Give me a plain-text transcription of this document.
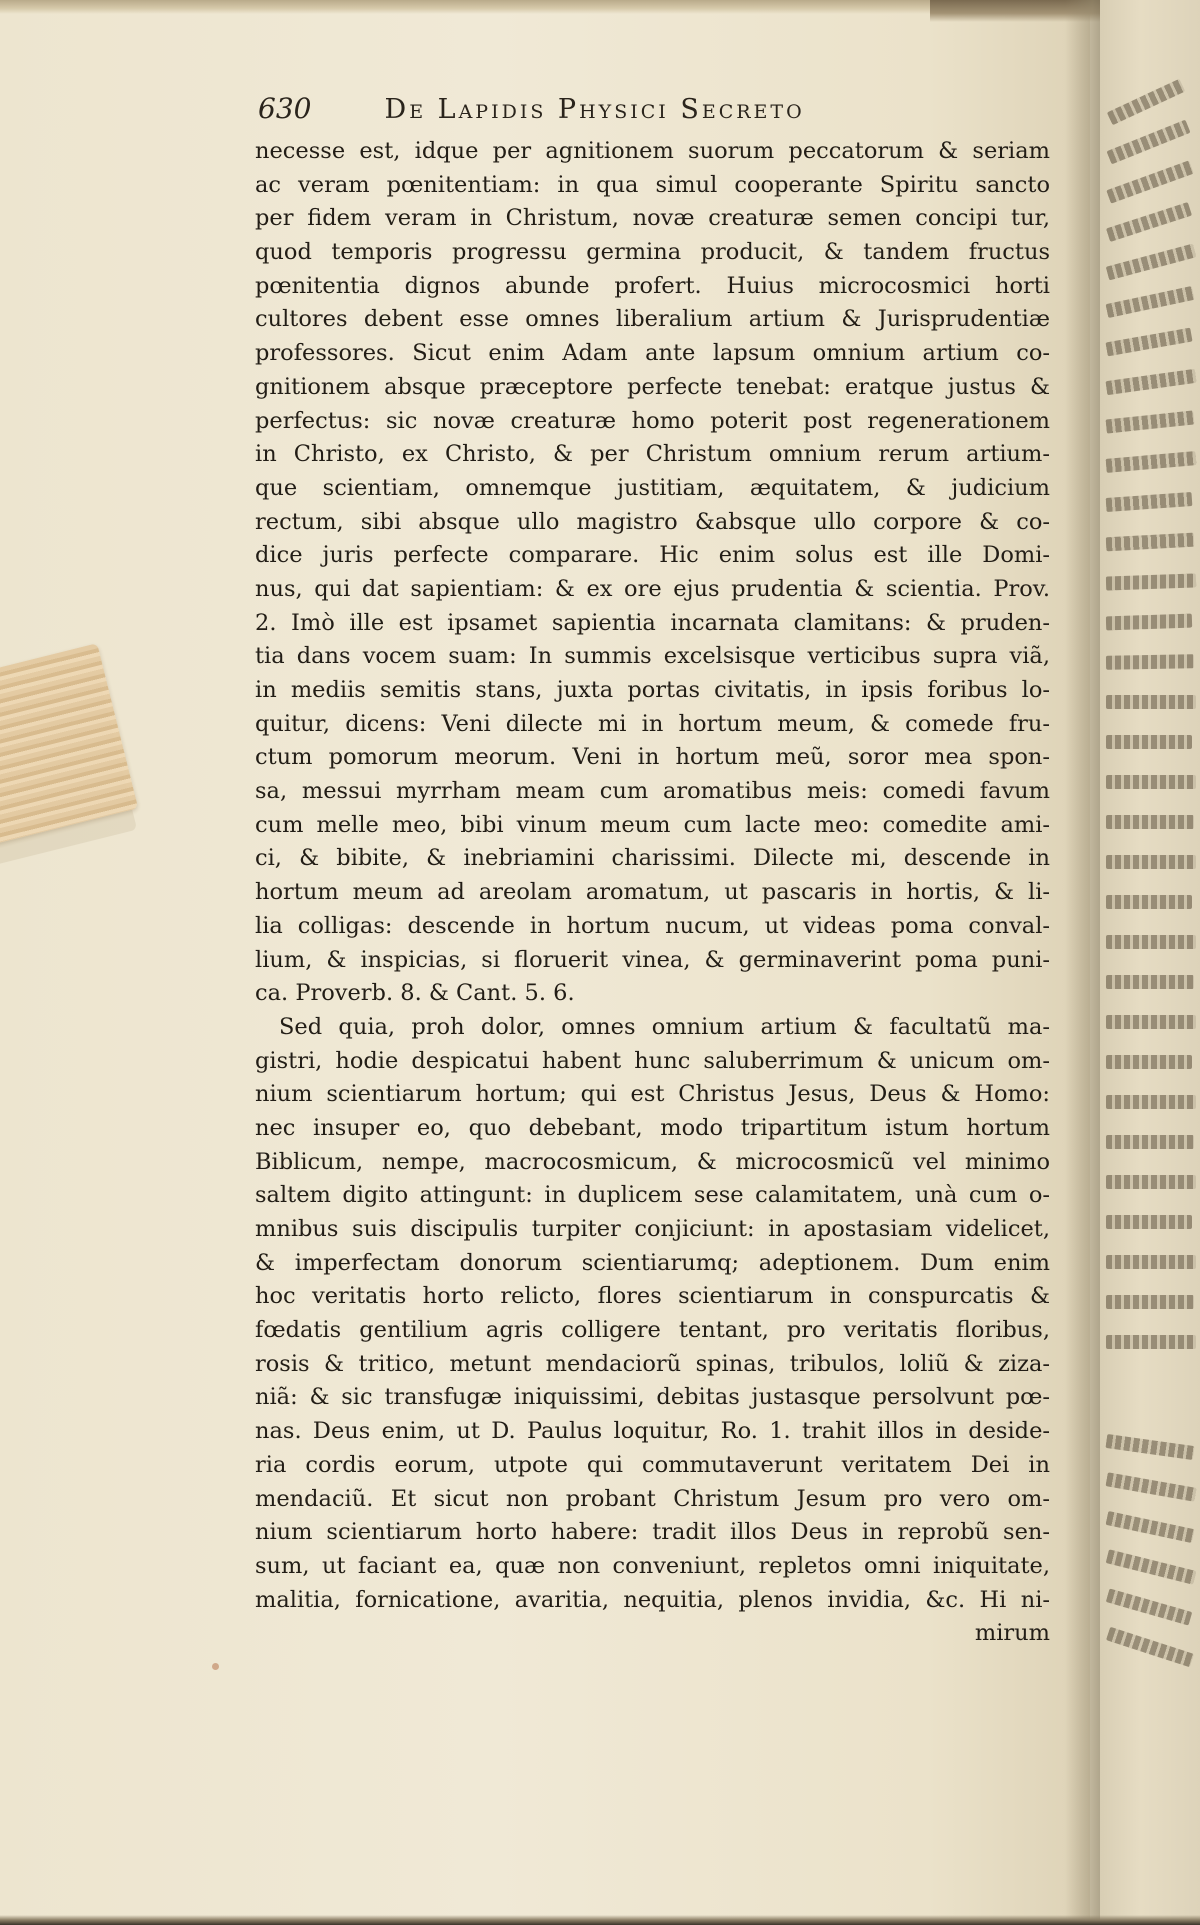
630	De Lapidis Physici Secreto
necesse est, idque per agnitionem suorum peccatorum & seriam
ac veram pœnitentiam: in qua simul cooperante Spiritu sancto
per fidem veram in Christum, novæ creaturæ semen concipi tur,
quod temporis progressu germina producit, & tandem fructus
pœnitentia dignos abunde profert. Huius microcosmici horti
cultores debent esse omnes liberalium artium & Jurisprudentiæ
professores. Sicut enim Adam ante lapsum omnium artium co-
gnitionem absque præceptore perfecte tenebat: eratque justus &
perfectus: sic novæ creaturæ homo poterit post regenerationem
in Christo, ex Christo, & per Christum omnium rerum artium-
que scientiam, omnemque justitiam, æquitatem, & judicium
rectum, sibi absque ullo magistro &absque ullo corpore & co-
dice juris perfecte comparare. Hic enim solus est ille Domi-
nus, qui dat sapientiam: & ex ore ejus prudentia & scientia. Prov.
2. Imò ille est ipsamet sapientia incarnata clamitans: & pruden-
tia dans vocem suam: In summis excelsisque verticibus supra viã,
in mediis semitis stans, juxta portas civitatis, in ipsis foribus lo-
quitur, dicens: Veni dilecte mi in hortum meum, & comede fru-
ctum pomorum meorum. Veni in hortum meũ, soror mea spon-
sa, messui myrrham meam cum aromatibus meis: comedi favum
cum melle meo, bibi vinum meum cum lacte meo: comedite ami-
ci, & bibite, & inebriamini charissimi. Dilecte mi, descende in
hortum meum ad areolam aromatum, ut pascaris in hortis, & li-
lia colligas: descende in hortum nucum, ut videas poma conval-
lium, & inspicias, si floruerit vinea, & germinaverint poma puni-
ca. Proverb. 8. & Cant. 5. 6.
Sed quia, proh dolor, omnes omnium artium & facultatũ ma-
gistri, hodie despicatui habent hunc saluberrimum & unicum om-
nium scientiarum hortum; qui est Christus Jesus, Deus & Homo:
nec insuper eo, quo debebant, modo tripartitum istum hortum
Biblicum, nempe, macrocosmicum, & microcosmicũ vel minimo
saltem digito attingunt: in duplicem sese calamitatem, unà cum o-
mnibus suis discipulis turpiter conjiciunt: in apostasiam videlicet,
& imperfectam donorum scientiarumq; adeptionem. Dum enim
hoc veritatis horto relicto, flores scientiarum in conspurcatis &
fœdatis gentilium agris colligere tentant, pro veritatis floribus,
rosis & tritico, metunt mendaciorũ spinas, tribulos, loliũ & ziza-
niã: & sic transfugæ iniquissimi, debitas justasque persolvunt pœ-
nas. Deus enim, ut D. Paulus loquitur, Ro. 1. trahit illos in deside-
ria cordis eorum, utpote qui commutaverunt veritatem Dei in
mendaciũ. Et sicut non probant Christum Jesum pro vero om-
nium scientiarum horto habere: tradit illos Deus in reprobũ sen-
sum, ut faciant ea, quæ non conveniunt, repletos omni iniquitate,
malitia, fornicatione, avaritia, nequitia, plenos invidia, &c. Hi ni-
mirum
